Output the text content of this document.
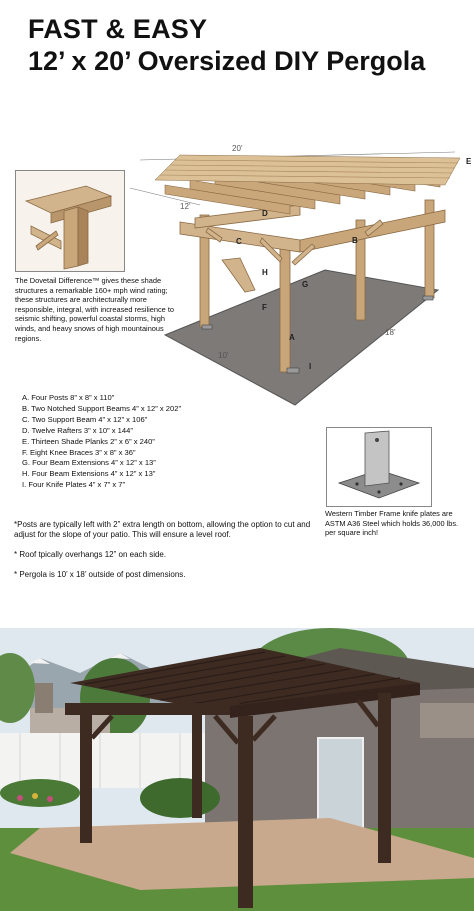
FAST & EASY
12’ x 20’ Oversized DIY Pergola
20’
12’
10’
18’
A
B
C
D
E
F
G
H
I
The Dovetail Difference™ gives these shade structures a remarkable 160+ mph wind rating; these structures are architecturally more responsible, integral, with increased resilience to seismic shifting, powerful coastal storms, high winds, and heavy snows of high mountainous regions.
A. Four Posts 8” x 8” x 110”
B. Two Notched Support Beams 4” x 12” x 202”
C. Two Support Beam 4” x 12” x 106”
D. Twelve Rafters 3” x 10” x 144”
E. Thirteen Shade Planks 2” x 6” x 240”
F. Eight Knee Braces 3” x 8” x 36”
G. Four Beam Extensions 4” x 12” x 13”
H. Four Beam Extensions 4” x 12” x 13”
I. Four Knife Plates 4” x 7” x 7”
Western Timber Frame knife plates are ASTM A36 Steel which holds 36,000 lbs. per square inch!

*Posts are typically left with 2” extra length on bottom, allowing the option to cut and adjust for the slope of your patio. This will ensure a level roof.

* Roof tpically overhangs 12” on each side.

* Pergola is 10’ x 18’ outside of post dimensions.
